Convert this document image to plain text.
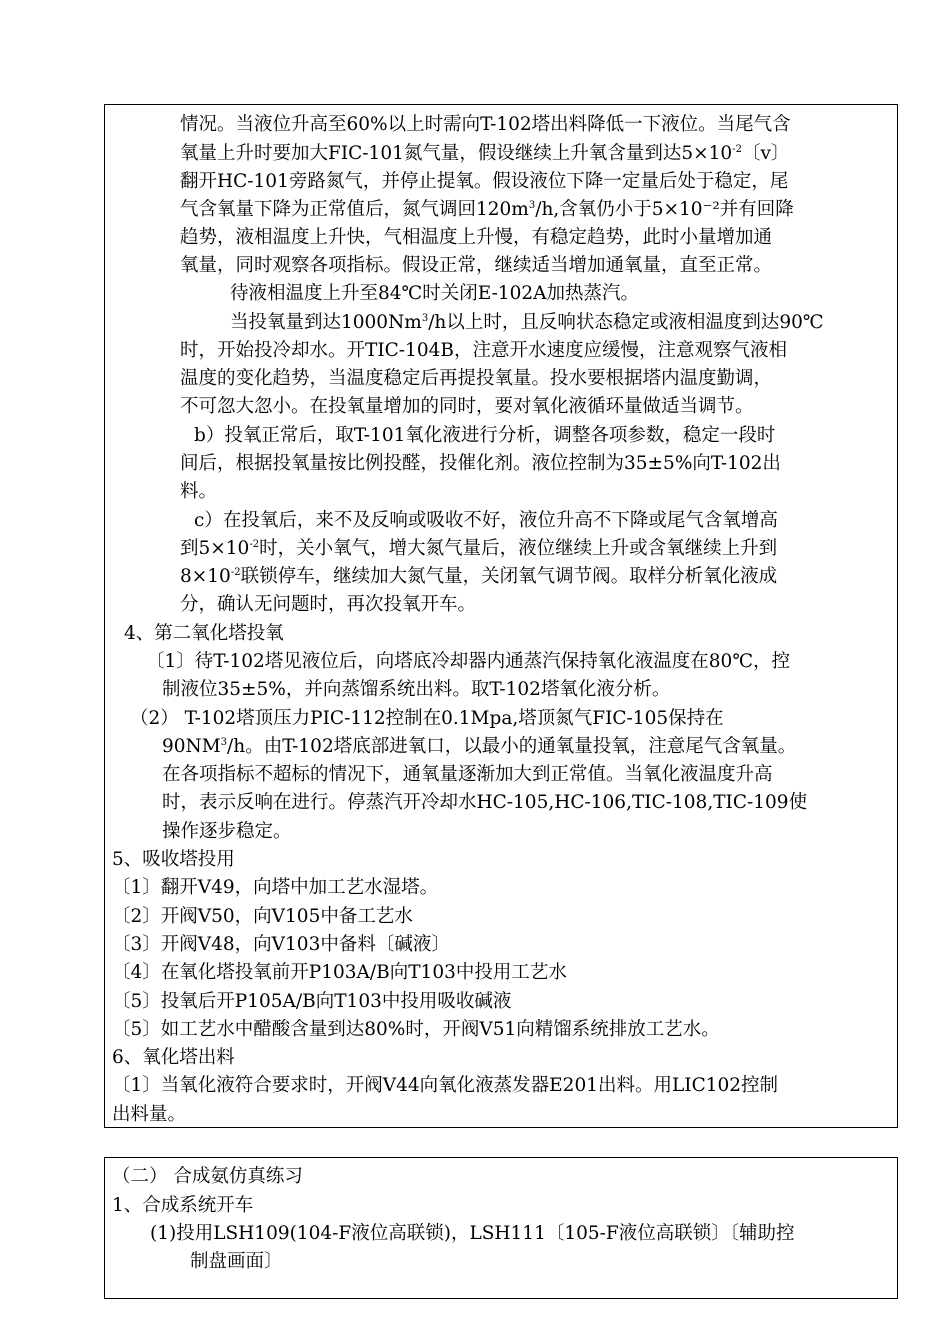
情况。当液位升高至60%以上时需向T-102塔出料降低一下液位。当尾气含
氧量上升时要加大FIC-101氮气量，假设继续上升氧含量到达$5\times 10^{-2}$〔v〕
翻开HC-101旁路氮气，并停止提氧。假设液位下降一定量后处于稳定，尾
气含氧量下降为正常值后，氮气调回$120m^3/h$,含氧仍小于5×10⁻²并有回降
趋势，液相温度上升快，气相温度上升慢，有稳定趋势，此时小量增加通
氧量，同时观察各项指标。假设正常，继续适当增加通氧量，直至正常。
待液相温度上升至84℃时关闭E-102A加热蒸汽。
当投氧量到达1000Nm$^3$/h以上时，且反响状态稳定或液相温度到达90℃
时，开始投冷却水。开TIC-104B，注意开水速度应缓慢，注意观察气液相
温度的变化趋势，当温度稳定后再提投氧量。投水要根据塔内温度勤调，
不可忽大忽小。在投氧量增加的同时，要对氧化液循环量做适当调节。
b）投氧正常后，取T-101氧化液进行分析，调整各项参数，稳定一段时
间后，根据投氧量按比例投醛，投催化剂。液位控制为35±5%向T-102出
料。
c）在投氧后，来不及反响或吸收不好，液位升高不下降或尾气含氧增高
到$5\times 10^{-2}$时，关小氧气，增大氮气量后，液位继续上升或含氧继续上升到
$8\times 10^{-2}$联锁停车，继续加大氮气量，关闭氧气调节阀。取样分析氧化液成
分，确认无问题时，再次投氧开车。
4、第二氧化塔投氧
〔1〕待T-102塔见液位后，向塔底冷却器内通蒸汽保持氧化液温度在80℃，控
制液位35±5%，并向蒸馏系统出料。取T-102塔氧化液分析。
（2） T-102塔顶压力PIC-112控制在0.1Mpa,塔顶氮气FIC-105保持在
$90NM^3/h$。由T-102塔底部进氧口，以最小的通氧量投氧，注意尾气含氧量。
在各项指标不超标的情况下，通氧量逐渐加大到正常值。当氧化液温度升高
时，表示反响在进行。停蒸汽开冷却水HC-105,HC-106,TIC-108,TIC-109使
操作逐步稳定。
5、吸收塔投用
〔1〕翻开V49，向塔中加工艺水湿塔。
〔2〕开阀V50，向V105中备工艺水
〔3〕开阀V48，向V103中备料〔碱液〕
〔4〕在氧化塔投氧前开P103A/B向T103中投用工艺水
〔5〕投氧后开P105A/B向T103中投用吸收碱液
〔5〕如工艺水中醋酸含量到达80%时，开阀V51向精馏系统排放工艺水。
6、氧化塔出料
〔1〕当氧化液符合要求时，开阀V44向氧化液蒸发器E201出料。用LIC102控制
出料量。
（二） 合成氨仿真练习
1、合成系统开车
(1)投用LSH109(104-F液位高联锁)，LSH111〔105-F液位高联锁〕〔辅助控
制盘画面〕
